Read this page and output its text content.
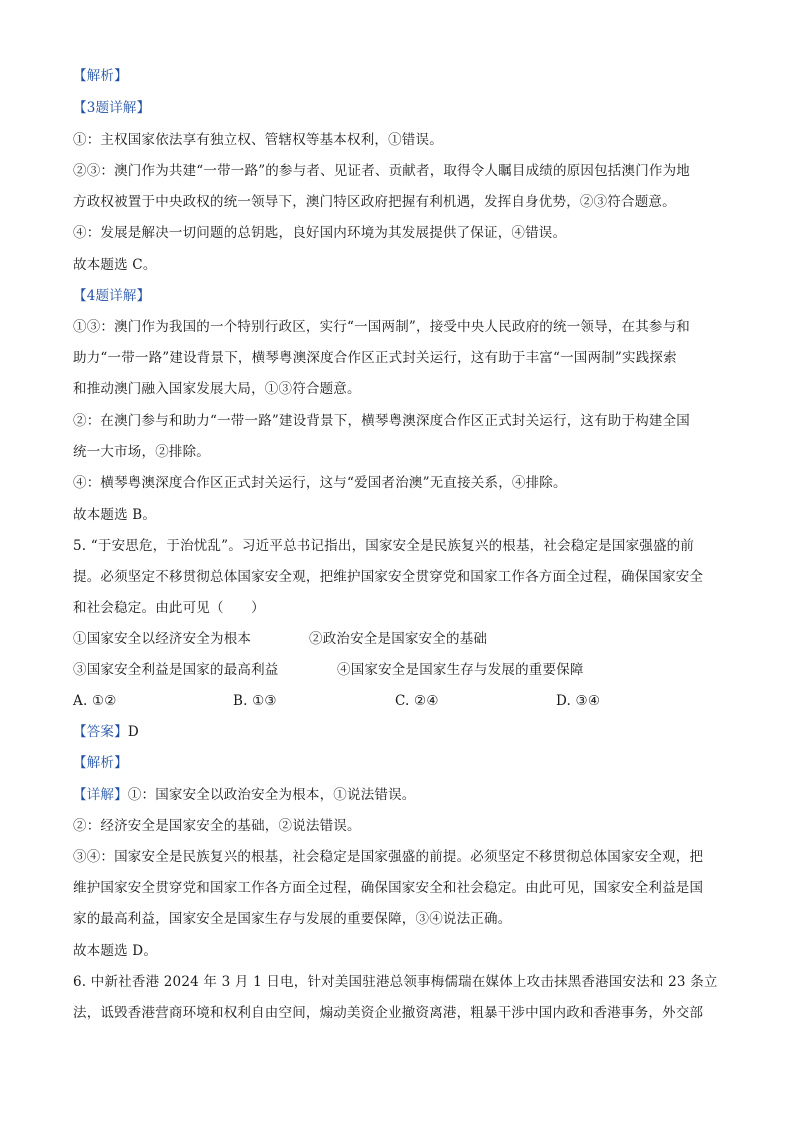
【解析】
【3题详解】
①：主权国家依法享有独立权、管辖权等基本权利，①错误。
②③：澳门作为共建“一带一路”的参与者、见证者、贡献者，取得令人瞩目成绩的原因包括澳门作为地
方政权被置于中央政权的统一领导下，澳门特区政府把握有利机遇，发挥自身优势，②③符合题意。
④：发展是解决一切问题的总钥匙，良好国内环境为其发展提供了保证，④错误。
故本题选 C。
【4题详解】
①③：澳门作为我国的一个特别行政区，实行“一国两制”，接受中央人民政府的统一领导，在其参与和
助力“一带一路”建设背景下，横琴粤澳深度合作区正式封关运行，这有助于丰富“一国两制”实践探索
和推动澳门融入国家发展大局，①③符合题意。
②：在澳门参与和助力“一带一路”建设背景下，横琴粤澳深度合作区正式封关运行，这有助于构建全国
统一大市场，②排除。
④：横琴粤澳深度合作区正式封关运行，这与“爱国者治澳”无直接关系，④排除。
故本题选 B。
5. “于安思危，于治忧乱”。习近平总书记指出，国家安全是民族复兴的根基，社会稳定是国家强盛的前
提。必须坚定不移贯彻总体国家安全观，把维护国家安全贯穿党和国家工作各方面全过程，确保国家安全
和社会稳定。由此可见（　　）
①国家安全以经济安全为根本	②政治安全是国家安全的基础
③国家安全利益是国家的最高利益	④国家安全是国家生存与发展的重要保障
A. ①②	B. ①③	C. ②④	D. ③④
【答案】D
【解析】
【详解】①：国家安全以政治安全为根本，①说法错误。
②：经济安全是国家安全的基础，②说法错误。
③④：国家安全是民族复兴的根基，社会稳定是国家强盛的前提。必须坚定不移贯彻总体国家安全观，把
维护国家安全贯穿党和国家工作各方面全过程，确保国家安全和社会稳定。由此可见，国家安全利益是国
家的最高利益，国家安全是国家生存与发展的重要保障，③④说法正确。
故本题选 D。
6. 中新社香港 2024 年 3 月 1 日电，针对美国驻港总领事梅儒瑞在媒体上攻击抹黑香港国安法和 23 条立
法，诋毁香港营商环境和权利自由空间，煽动美资企业撤资离港，粗暴干涉中国内政和香港事务，外交部
